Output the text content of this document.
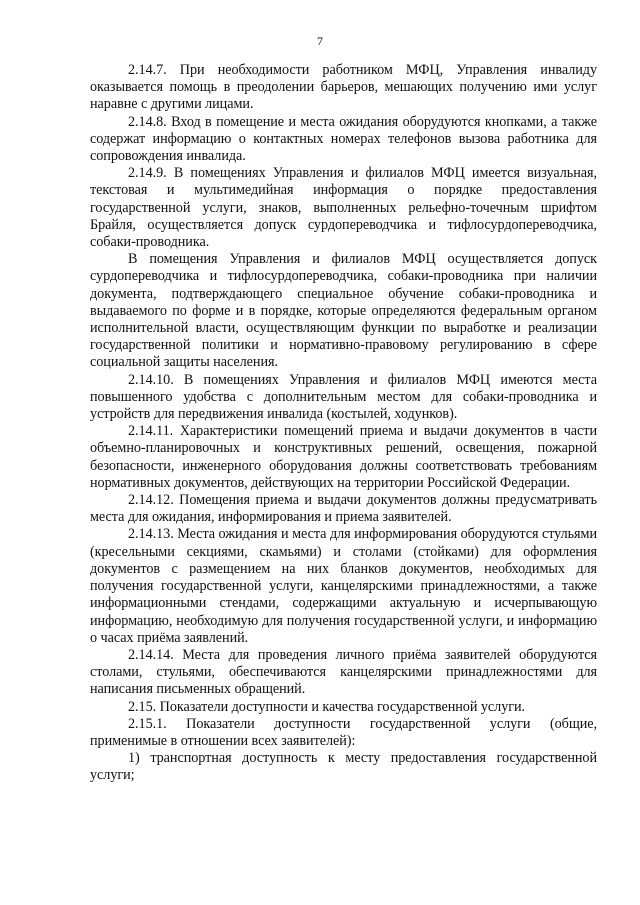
7

2.14.7. При необходимости работником МФЦ, Управления инвалиду оказывается помощь в преодолении барьеров, мешающих получению ими услуг наравне с другими лицами.

2.14.8. Вход в помещение и места ожидания оборудуются кнопками, а также содержат информацию о контактных номерах телефонов вызова работника для сопровождения инвалида.

2.14.9. В помещениях Управления и филиалов МФЦ имеется визуальная, текстовая и мультимедийная информация о порядке предоставления государственной услуги, знаков, выполненных рельефно-точечным шрифтом Брайля, осуществляется допуск сурдопереводчика и тифлосурдопереводчика, собаки-проводника.

В помещения Управления и филиалов МФЦ осуществляется допуск сурдопереводчика и тифлосурдопереводчика, собаки-проводника при наличии документа, подтверждающего специальное обучение собаки-проводника и выдаваемого по форме и в порядке, которые определяются федеральным органом исполнительной власти, осуществляющим функции по выработке и реализации государственной политики и нормативно-правовому регулированию в сфере социальной защиты населения.

2.14.10. В помещениях Управления и филиалов МФЦ имеются места повышенного удобства с дополнительным местом для собаки-проводника и устройств для передвижения инвалида (костылей, ходунков).

2.14.11. Характеристики помещений приема и выдачи документов в части объемно-планировочных и конструктивных решений, освещения, пожарной безопасности, инженерного оборудования должны соответствовать требованиям нормативных документов, действующих на территории Российской Федерации.

2.14.12. Помещения приема и выдачи документов должны предусматривать места для ожидания, информирования и приема заявителей.

2.14.13. Места ожидания и места для информирования оборудуются стульями (кресельными секциями, скамьями) и столами (стойками) для оформления документов с размещением на них бланков документов, необходимых для получения государственной услуги, канцелярскими принадлежностями, а также информационными стендами, содержащими актуальную и исчерпывающую информацию, необходимую для получения государственной услуги, и информацию о часах приёма заявлений.

2.14.14. Места для проведения личного приёма заявителей оборудуются столами, стульями, обеспечиваются канцелярскими принадлежностями для написания письменных обращений.

2.15. Показатели доступности и качества государственной услуги.

2.15.1. Показатели доступности государственной услуги (общие, применимые в отношении всех заявителей):

1) транспортная доступность к месту предоставления государственной услуги;
